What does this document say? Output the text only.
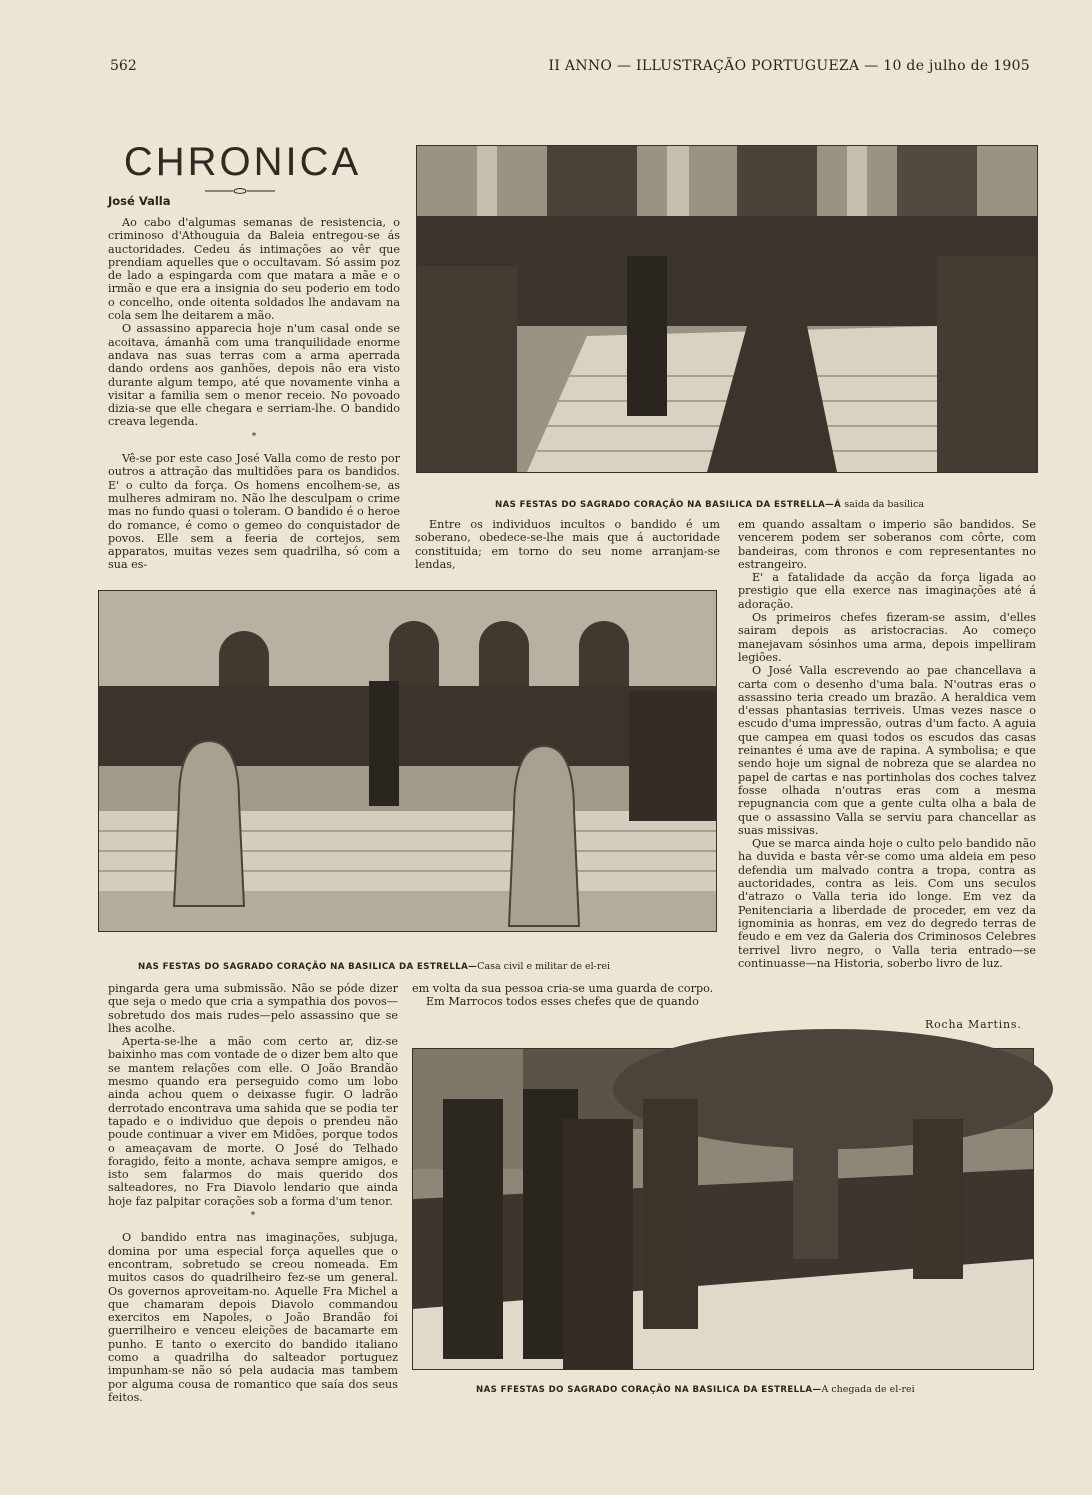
562	II ANNO — ILLUSTRAÇÃO PORTUGUEZA — 10 de julho de 1905
CHRONICA
José Valla

Ao cabo d'algumas semanas de resistencia, o criminoso d'Athouguia da Baleia entregou-se ás auctoridades. Cedeu ás intimações ao vêr que prendiam aquelles que o occultavam. Só assim poz de lado a espingarda com que matara a mãe e o irmão e que era a insignia do seu poderio em todo o concelho, onde oitenta soldados lhe andavam na cola sem lhe deitarem a mão.

O assassino apparecia hoje n'um casal onde se acoitava, ámanhã com uma tranquilidade enorme andava nas suas terras com a arma aperrada dando ordens aos ganhões, depois não era visto durante algum tempo, até que novamente vinha a visitar a familia sem o menor receio. No povoado dizia-se que elle chegara e serriam-lhe. O bandido creava legenda.

*

Vê-se por este caso José Valla como de resto por outros a attração das multidões para os bandidos. E' o culto da força. Os homens encolhem-se, as mulheres admiram no. Não lhe desculpam o crime mas no fundo quasi o toleram. O bandido é o heroe do romance, é como o gemeo do conquistador de povos. Elle sem a feeria de cortejos, sem apparatos, muitas vezes sem quadrilha, só com a sua es-

NAS FESTAS DO SAGRADO CORAÇÃO NA BASILICA DA ESTRELLA—Á saida da basilica

Entre os individuos incultos o bandido é um soberano, obedece-se-lhe mais que á auctoridade constituida; em torno do seu nome arranjam-se lendas,

em quando assaltam o imperio são bandidos. Se vencerem podem ser soberanos com côrte, com bandeiras, com thronos e com representantes no estrangeiro.

E' a fatalidade da acção da força ligada ao prestigio que ella exerce nas imaginações até á adoração.

Os primeiros chefes fizeram-se assim, d'elles sairam depois as aristocracias. Ao começo manejavam sósinhos uma arma, depois impelliram legiões.

O José Valla escrevendo ao pae chancellava a carta com o desenho d'uma bala. N'outras eras o assassino teria creado um brazão. A heraldica vem d'essas phantasias terriveis. Umas vezes nasce o escudo d'uma impressão, outras d'um facto. A aguia que campea em quasi todos os escudos das casas reinantes é uma ave de rapina. A symbolisa; e que sendo hoje um signal de nobreza que se alardea no papel de cartas e nas portinholas dos coches talvez fosse olhada n'outras eras com a mesma repugnancia com que a gente culta olha a bala de que o assassino Valla se serviu para chancellar as suas missivas.

Que se marca ainda hoje o culto pelo bandido não ha duvida e basta vêr-se como uma aldeia em peso defendia um malvado contra a tropa, contra as auctoridades, contra as leis. Com uns seculos d'atrazo o Valla teria ido longe. Em vez da Penitenciaria a liberdade de proceder, em vez da ignominia as honras, em vez do degredo terras de feudo e em vez da Galeria dos Criminosos Celebres terrivel livro negro, o Valla teria entrado—se continuasse—na Historia, soberbo livro de luz.

Rocha Martins.
NAS FESTAS DO SAGRADO CORAÇÃO NA BASILICA DA ESTRELLA—Casa civil e militar de el-rei

pingarda gera uma submissão. Não se póde dizer que seja o medo que cria a sympathia dos povos—sobretudo dos mais rudes—pelo assassino que se lhes acolhe.

Aperta-se-lhe a mão com certo ar, diz-se baixinho mas com vontade de o dizer bem alto que se mantem relações com elle. O João Brandão mesmo quando era perseguido como um lobo ainda achou quem o deixasse fugir. O ladrão derrotado encontrava uma sahida que se podia ter tapado e o individuo que depois o prendeu não poude continuar a viver em Midões, porque todos o ameaçavam de morte. O José do Telhado foragido, feito a monte, achava sempre amigos, e isto sem falarmos do mais querido dos salteadores, no Fra Diavolo lendario que ainda hoje faz palpitar corações sob a forma d'um tenor.

*

O bandido entra nas imaginações, subjuga, domina por uma especial força aquelles que o encontram, sobretudo se creou nomeada. Em muitos casos do quadrilheiro fez-se um general. Os governos aproveitam-no. Aquelle Fra Michel a que chamaram depois Diavolo commandou exercitos em Napoles, o João Brandão foi guerrilheiro e venceu eleições de bacamarte em punho. E tanto o exercito do bandido italiano como a quadrilha do salteador portuguez impunham-se não só pela audacia mas tambem por alguma cousa de romantico que saía dos seus feitos.

em volta da sua pessoa cria-se uma guarda de corpo.

Em Marrocos todos esses chefes que de quando

NAS FFESTAS DO SAGRADO CORAÇÃO NA BASILICA DA ESTRELLA—A chegada de el-rei
